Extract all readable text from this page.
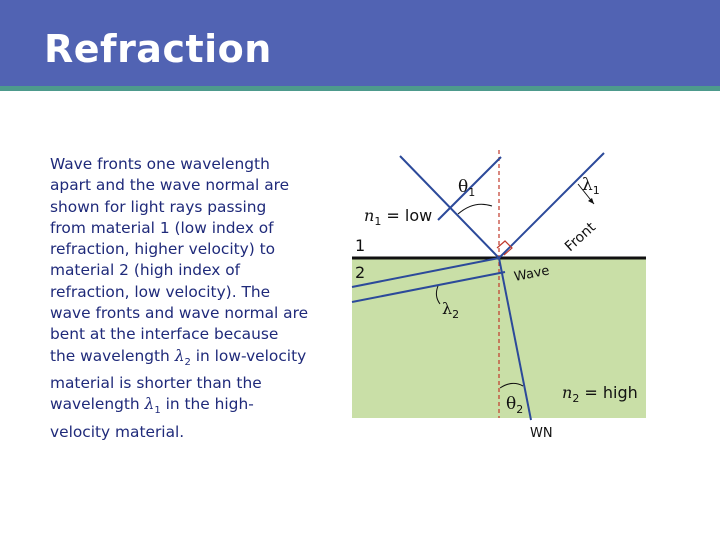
Refraction
Wave fronts one wavelength
apart and the wave normal are
shown for light rays passing
from material 1 (low index of
refraction, higher velocity) to
material 2 (high index of
refraction, low velocity). The
wave fronts and wave normal are
bent at the interface because
the wavelength $\lambda_2$ in low-velocity
material is shorter than the
wavelength $\lambda_1$ in the high-
velocity material.
$\theta_1$	$\lambda_1$
$n_1$ = low
1
2
Front
Wave
$\lambda_2$
$n_2$ = high
$\theta_2$
WN
